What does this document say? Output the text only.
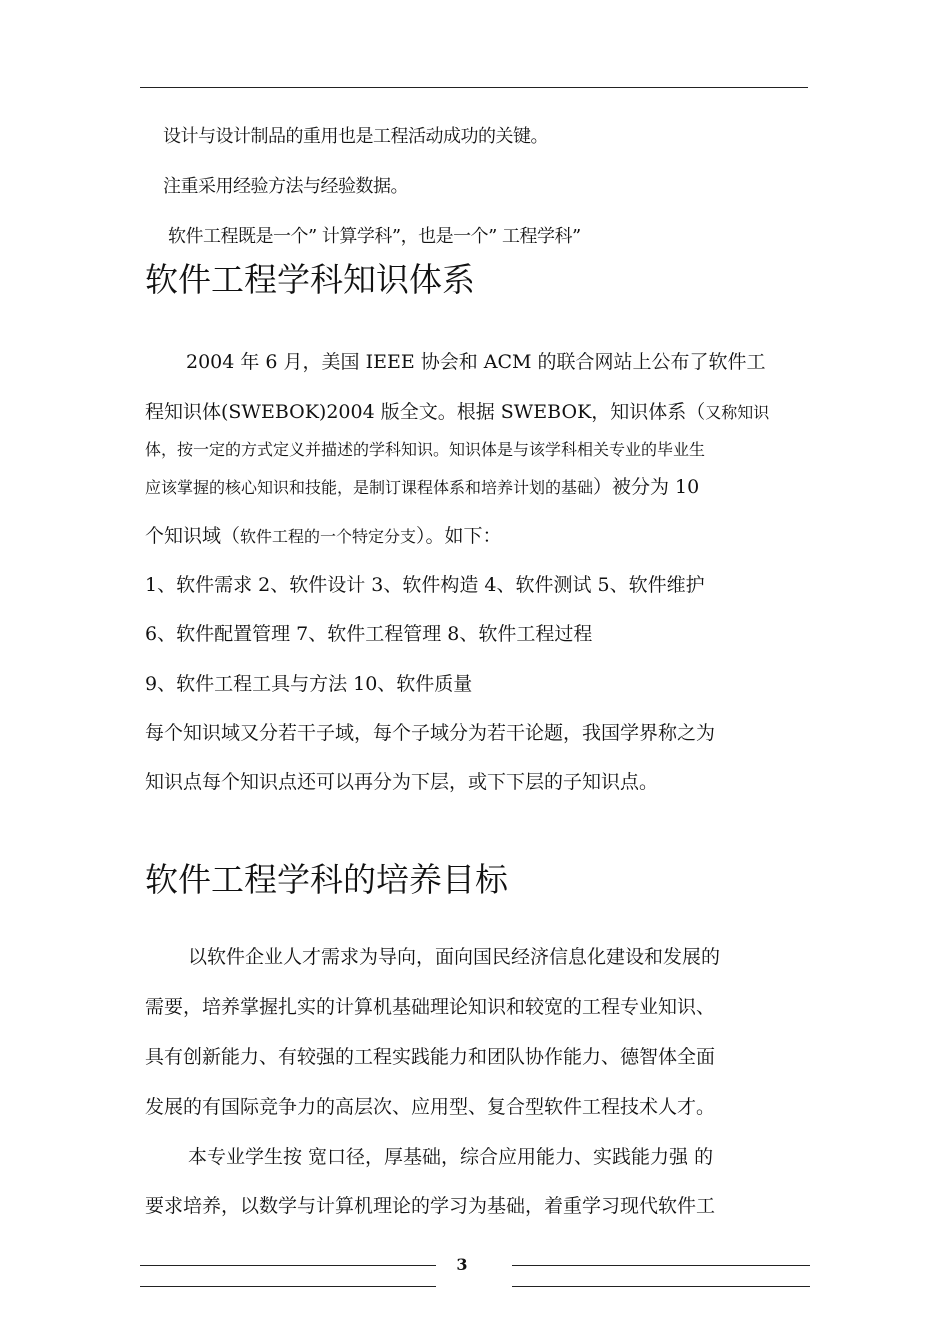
设计与设计制品的重用也是工程活动成功的关键。
注重采用经验方法与经验数据。
软件工程既是一个” 计算学科”，也是一个” 工程学科”
软件工程学科知识体系
2004 年 6 月，美国 IEEE 协会和 ACM 的联合网站上公布了软件工
程知识体(SWEBOK)2004 版全文。根据 SWEBOK，知识体系（又称知识
体，按一定的方式定义并描述的学科知识。知识体是与该学科相关专业的毕业生
应该掌握的核心知识和技能，是制订课程体系和培养计划的基础）被分为 10
个知识域（软件工程的一个特定分支）。如下：
1、软件需求 2、软件设计 3、软件构造 4、软件测试 5、软件维护
6、软件配置管理 7、软件工程管理 8、软件工程过程
9、软件工程工具与方法 10、软件质量
每个知识域又分若干子域，每个子域分为若干论题，我国学界称之为
知识点每个知识点还可以再分为下层，或下下层的子知识点。
软件工程学科的培养目标
以软件企业人才需求为导向，面向国民经济信息化建设和发展的
需要，培养掌握扎实的计算机基础理论知识和较宽的工程专业知识、
具有创新能力、有较强的工程实践能力和团队协作能力、德智体全面
发展的有国际竞争力的高层次、应用型、复合型软件工程技术人才。
本专业学生按 宽口径，厚基础，综合应用能力、实践能力强 的
要求培养，以数学与计算机理论的学习为基础，着重学习现代软件工
3
